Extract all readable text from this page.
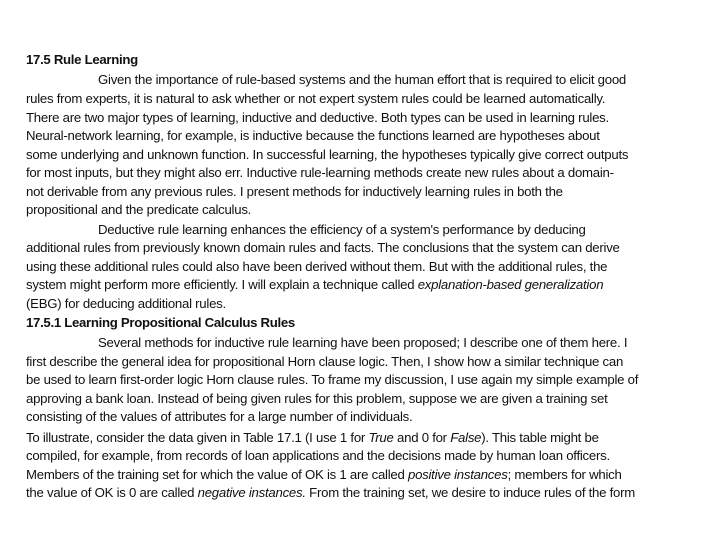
17.5 Rule Learning
Given the importance of rule-based systems and the human effort that is required to elicit good
rules from experts, it is natural to ask whether or not expert system rules could be learned automatically.
There are two major types of learning, inductive and deductive. Both types can be used in learning rules.
Neural-network learning, for example, is inductive because the functions learned are hypotheses about
some underlying and unknown function. In successful learning, the hypotheses typically give correct outputs
for most inputs, but they might also err. Inductive rule-learning methods create new rules about a domain-
not derivable from any previous rules. I present methods for inductively learning rules in both the
propositional and the predicate calculus.
Deductive rule learning enhances the efficiency of a system's performance by deducing
additional rules from previously known domain rules and facts. The conclusions that the system can derive
using these additional rules could also have been derived without them. But with the additional rules, the
system might perform more efficiently. I will explain a technique called explanation-based generalization
(EBG) for deducing additional rules.
17.5.1 Learning Propositional Calculus Rules
Several methods for inductive rule learning have been proposed; I describe one of them here. I
first describe the general idea for propositional Horn clause logic. Then, I show how a similar technique can
be used to learn first-order logic Horn clause rules. To frame my discussion, I use again my simple example of
approving a bank loan. Instead of being given rules for this problem, suppose we are given a training set
consisting of the values of attributes for a large number of individuals.
To illustrate, consider the data given in Table 17.1 (I use 1 for True and 0 for False). This table might be
compiled, for example, from records of loan applications and the decisions made by human loan officers.
Members of the training set for which the value of OK is 1 are called positive instances; members for which
the value of OK is 0 are called negative instances. From the training set, we desire to induce rules of the form
